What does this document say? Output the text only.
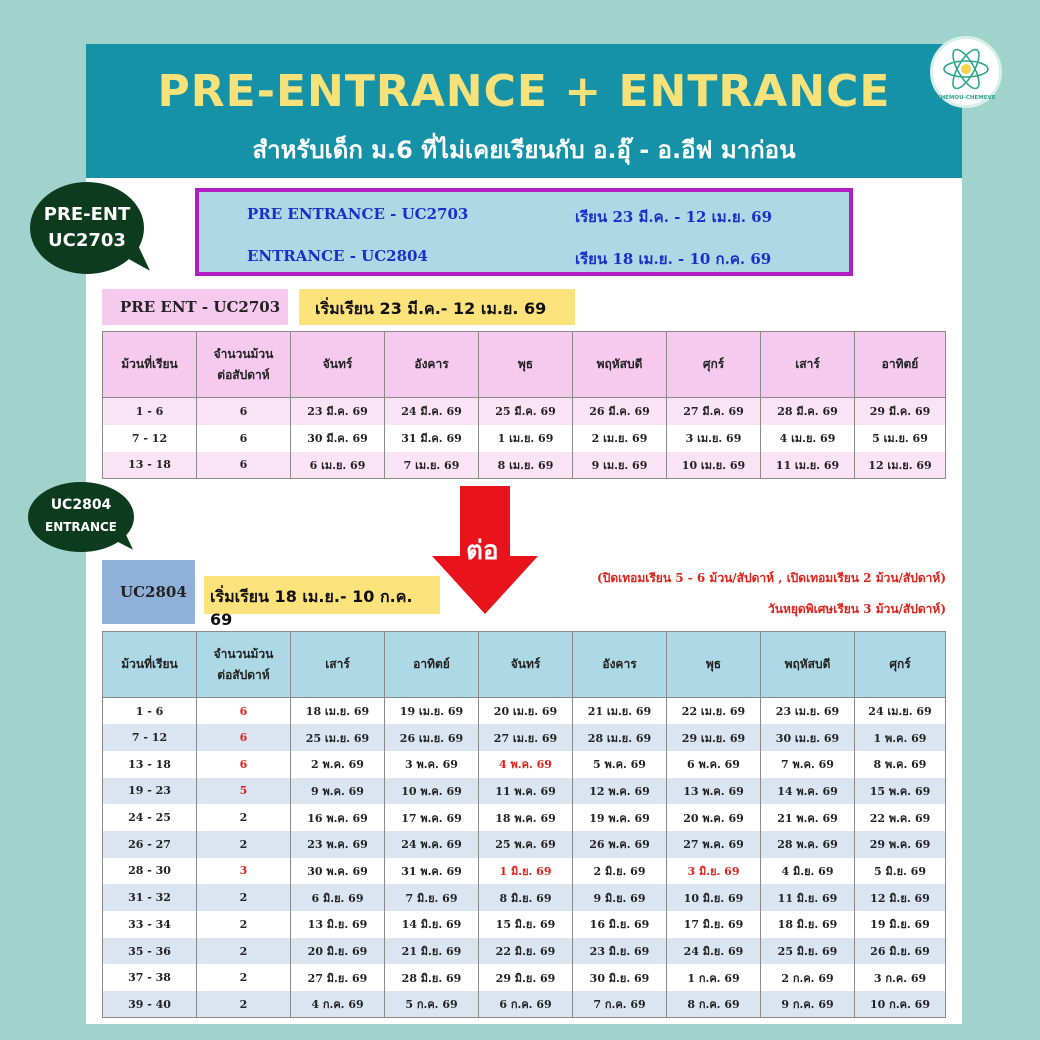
PRE-ENTRANCE + ENTRANCE
สำหรับเด็ก ม.6 ที่ไม่เคยเรียนกับ อ.อุ๊ - อ.อีฟ มาก่อน
CHEMOU-CHEMEVE
PRE-ENT
UC2703
UC2804
ENTRANCE
PRE ENTRANCE - UC2703	เรียน 23 มี.ค. - 12 เม.ย. 69
ENTRANCE - UC2804	เรียน 18 เม.ย. - 10 ก.ค. 69
PRE ENT - UC2703	เริ่มเรียน 23 มี.ค.- 12 เม.ย. 69
ม้วนที่เรียน	จำนวนม้วน
ต่อสัปดาห์	จันทร์	อังคาร	พุธ	พฤหัสบดี	ศุกร์	เสาร์	อาทิตย์
1 - 6	6	23 มี.ค. 69	24 มี.ค. 69	25 มี.ค. 69	26 มี.ค. 69	27 มี.ค. 69	28 มี.ค. 69	29 มี.ค. 69
7 - 12	6	30 มี.ค. 69	31 มี.ค. 69	1 เม.ย. 69	2 เม.ย. 69	3 เม.ย. 69	4 เม.ย. 69	5 เม.ย. 69
13 - 18	6	6 เม.ย. 69	7 เม.ย. 69	8 เม.ย. 69	9 เม.ย. 69	10 เม.ย. 69	11 เม.ย. 69	12 เม.ย. 69
ต่อ
UC2804	เริ่มเรียน 18 เม.ย.- 10 ก.ค. 69
(ปิดเทอมเรียน 5 - 6 ม้วน/สัปดาห์ , เปิดเทอมเรียน 2 ม้วน/สัปดาห์)
วันหยุดพิเศษเรียน 3 ม้วน/สัปดาห์)
ม้วนที่เรียน	จำนวนม้วน
ต่อสัปดาห์	เสาร์	อาทิตย์	จันทร์	อังคาร	พุธ	พฤหัสบดี	ศุกร์
1 - 6	6	18 เม.ย. 69	19 เม.ย. 69	20 เม.ย. 69	21 เม.ย. 69	22 เม.ย. 69	23 เม.ย. 69	24 เม.ย. 69
7 - 12	6	25 เม.ย. 69	26 เม.ย. 69	27 เม.ย. 69	28 เม.ย. 69	29 เม.ย. 69	30 เม.ย. 69	1 พ.ค. 69
13 - 18	6	2 พ.ค. 69	3 พ.ค. 69	4 พ.ค. 69	5 พ.ค. 69	6 พ.ค. 69	7 พ.ค. 69	8 พ.ค. 69
19 - 23	5	9 พ.ค. 69	10 พ.ค. 69	11 พ.ค. 69	12 พ.ค. 69	13 พ.ค. 69	14 พ.ค. 69	15 พ.ค. 69
24 - 25	2	16 พ.ค. 69	17 พ.ค. 69	18 พ.ค. 69	19 พ.ค. 69	20 พ.ค. 69	21 พ.ค. 69	22 พ.ค. 69
26 - 27	2	23 พ.ค. 69	24 พ.ค. 69	25 พ.ค. 69	26 พ.ค. 69	27 พ.ค. 69	28 พ.ค. 69	29 พ.ค. 69
28 - 30	3	30 พ.ค. 69	31 พ.ค. 69	1 มิ.ย. 69	2 มิ.ย. 69	3 มิ.ย. 69	4 มิ.ย. 69	5 มิ.ย. 69
31 - 32	2	6 มิ.ย. 69	7 มิ.ย. 69	8 มิ.ย. 69	9 มิ.ย. 69	10 มิ.ย. 69	11 มิ.ย. 69	12 มิ.ย. 69
33 - 34	2	13 มิ.ย. 69	14 มิ.ย. 69	15 มิ.ย. 69	16 มิ.ย. 69	17 มิ.ย. 69	18 มิ.ย. 69	19 มิ.ย. 69
35 - 36	2	20 มิ.ย. 69	21 มิ.ย. 69	22 มิ.ย. 69	23 มิ.ย. 69	24 มิ.ย. 69	25 มิ.ย. 69	26 มิ.ย. 69
37 - 38	2	27 มิ.ย. 69	28 มิ.ย. 69	29 มิ.ย. 69	30 มิ.ย. 69	1 ก.ค. 69	2 ก.ค. 69	3 ก.ค. 69
39 - 40	2	4 ก.ค. 69	5 ก.ค. 69	6 ก.ค. 69	7 ก.ค. 69	8 ก.ค. 69	9 ก.ค. 69	10 ก.ค. 69
